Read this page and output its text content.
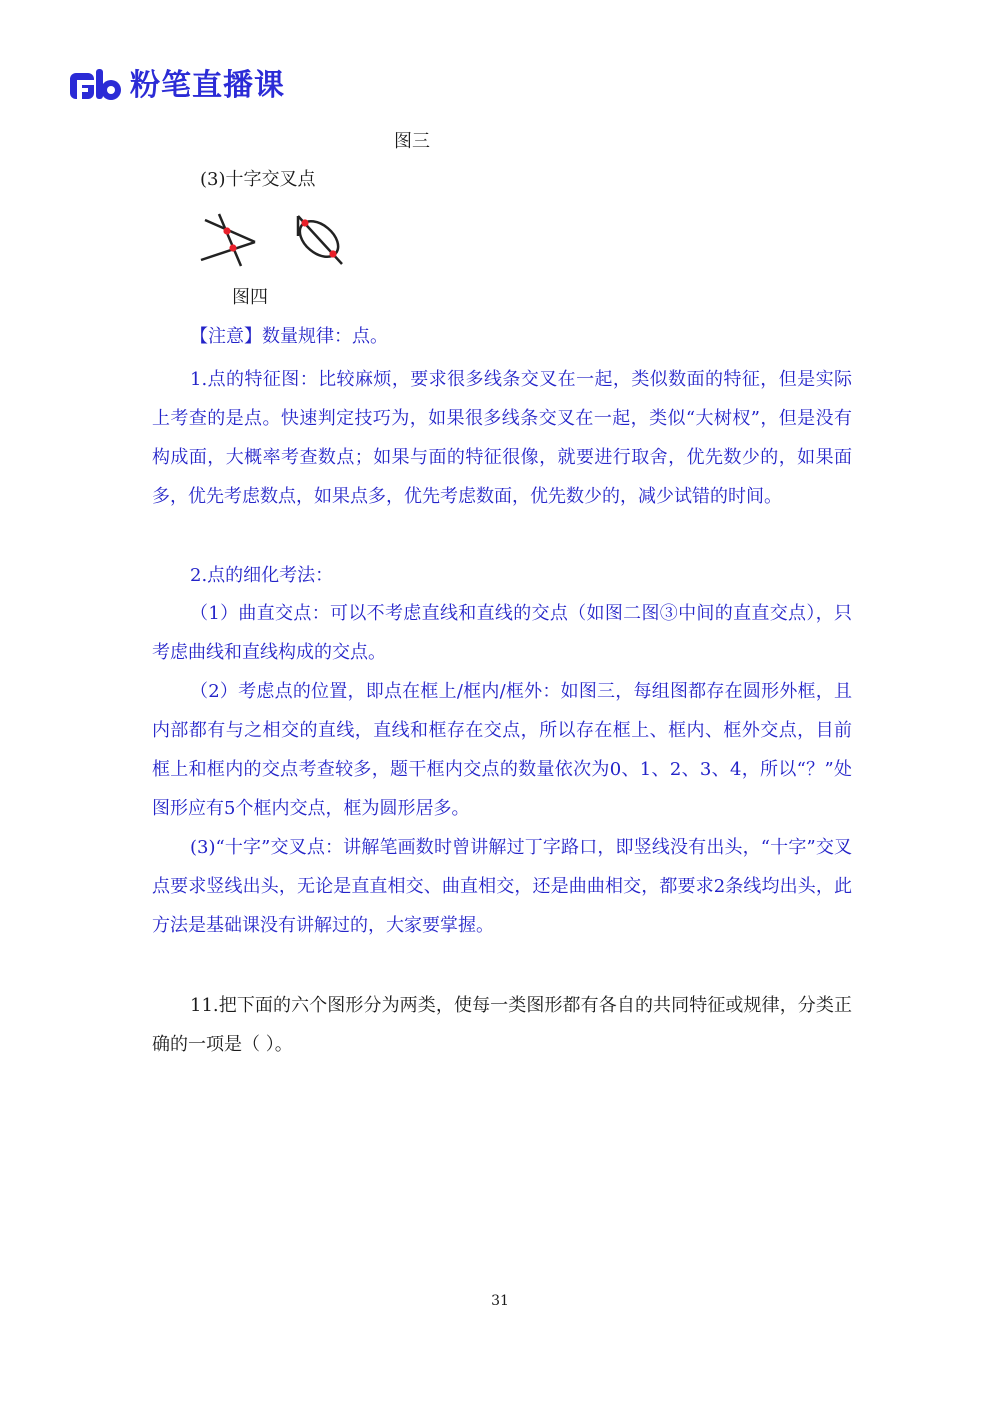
粉笔直播课
图三
(3)十字交叉点
图四

【注意】数量规律：点。

1.点的特征图：比较麻烦，要求很多线条交叉在一起，类似数面的特征，但是实际上考查的是点。快速判定技巧为，如果很多线条交叉在一起，类似“大树杈”，但是没有构成面，大概率考查数点；如果与面的特征很像，就要进行取舍，优先数少的，如果面多，优先考虑数点，如果点多，优先考虑数面，优先数少的，减少试错的时间。

2.点的细化考法：

（1）曲直交点：可以不考虑直线和直线的交点（如图二图③中间的直直交点），只考虑曲线和直线构成的交点。

（2）考虑点的位置，即点在框上/框内/框外：如图三，每组图都存在圆形外框，且内部都有与之相交的直线，直线和框存在交点，所以存在框上、框内、框外交点，目前框上和框内的交点考查较多，题干框内交点的数量依次为0、1、2、3、4，所以“？”处图形应有5个框内交点，框为圆形居多。

(3)“十字”交叉点：讲解笔画数时曾讲解过丁字路口，即竖线没有出头，“十字”交叉点要求竖线出头，无论是直直相交、曲直相交，还是曲曲相交，都要求2条线均出头，此方法是基础课没有讲解过的，大家要掌握。

11.把下面的六个图形分为两类，使每一类图形都有各自的共同特征或规律，分类正确的一项是（ ）。

31
